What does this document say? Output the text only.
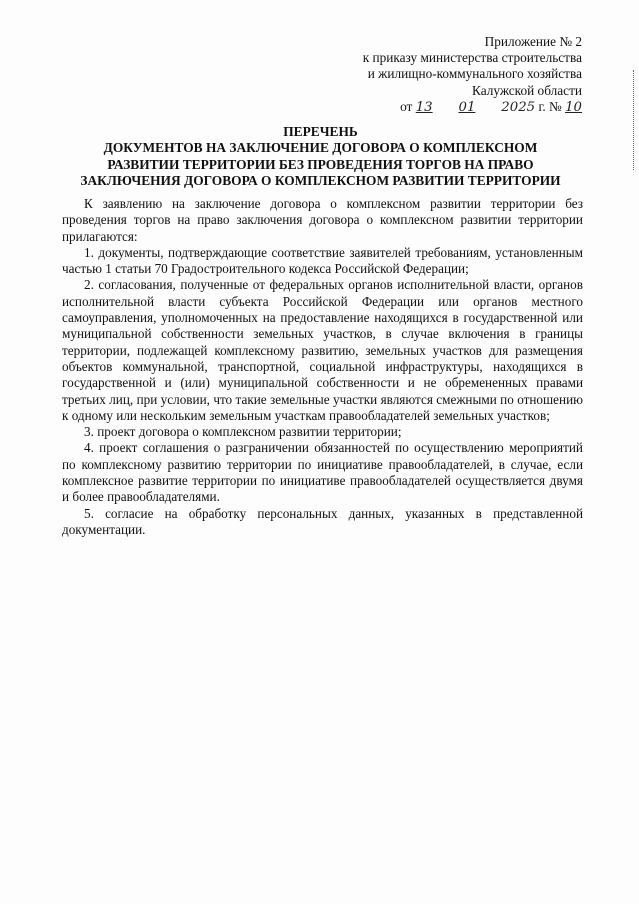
Приложение № 2
к приказу министерства строительства
и жилищно-коммунального хозяйства
Калужской области
от 13 01 2025 г. № 10
ПЕРЕЧЕНЬ
ДОКУМЕНТОВ НА ЗАКЛЮЧЕНИЕ ДОГОВОРА О КОМПЛЕКСНОМ
РАЗВИТИИ ТЕРРИТОРИИ БЕЗ ПРОВЕДЕНИЯ ТОРГОВ НА ПРАВО
ЗАКЛЮЧЕНИЯ ДОГОВОРА О КОМПЛЕКСНОМ РАЗВИТИИ ТЕРРИТОРИИ

К заявлению на заключение договора о комплексном развитии территории без проведения торгов на право заключения договора о комплексном развитии территории прилагаются:

1. документы, подтверждающие соответствие заявителей требованиям, установленным частью 1 статьи 70 Градостроительного кодекса Российской Федерации;

2. согласования, полученные от федеральных органов исполнительной власти, органов исполнительной власти субъекта Российской Федерации или органов местного самоуправления, уполномоченных на предоставление находящихся в государственной или муниципальной собственности земельных участков, в случае включения в границы территории, подлежащей комплексному развитию, земельных участков для размещения объектов коммунальной, транспортной, социальной инфраструктуры, находящихся в государственной и (или) муниципальной собственности и не обремененных правами третьих лиц, при условии, что такие земельные участки являются смежными по отношению к одному или нескольким земельным участкам правообладателей земельных участков;

3. проект договора о комплексном развитии территории;

4. проект соглашения о разграничении обязанностей по осуществлению мероприятий по комплексному развитию территории по инициативе правообладателей, в случае, если комплексное развитие территории по инициативе правообладателей осуществляется двумя и более правообладателями.

5. согласие на обработку персональных данных, указанных в представленной документации.
